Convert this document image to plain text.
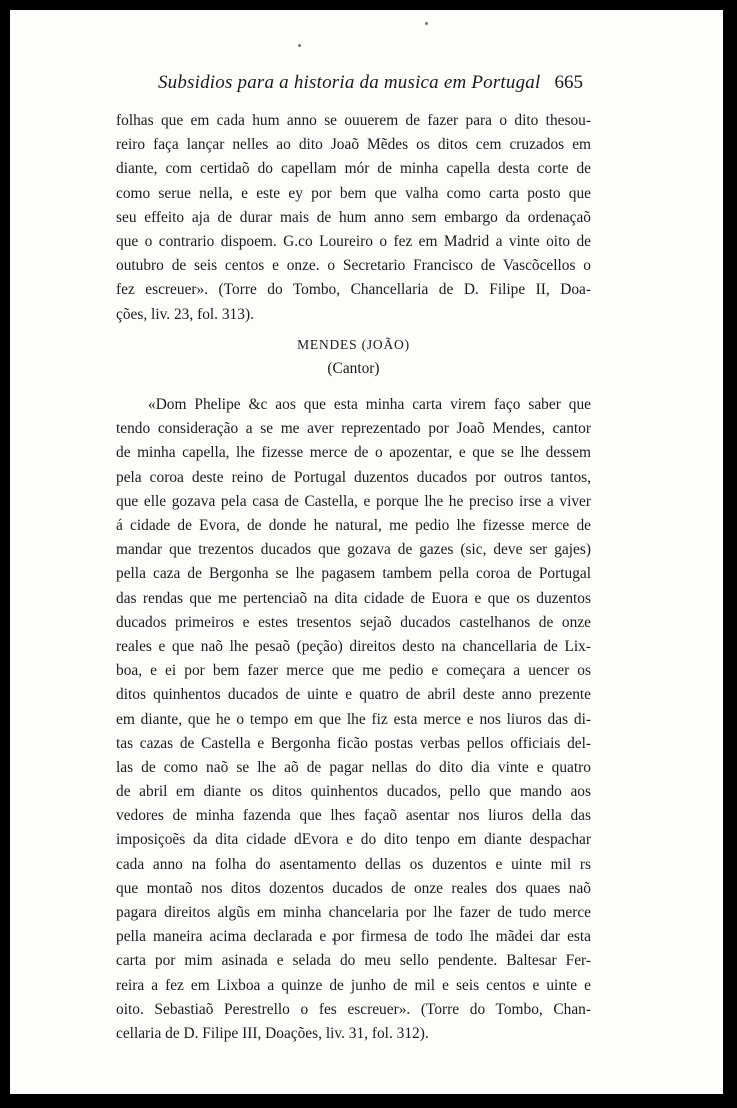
Subsidios para a historia da musica em Portugal 665
folhas que em cada hum anno se ouuerem de fazer para o dito thesou-
reiro faça lançar nelles ao dito Joaõ Mẽdes os ditos cem cruzados em
diante, com certidaõ do capellam mór de minha capella desta corte de
como serue nella, e este ey por bem que valha como carta posto que
seu effeito aja de durar mais de hum anno sem embargo da ordenaçaõ
que o contrario dispoem. G.co Loureiro o fez em Madrid a vinte oito de
outubro de seis centos e onze. o Secretario Francisco de Vascõcellos o
fez escreuer». (Torre do Tombo, Chancellaria de D. Filipe II, Doa-
ções, liv. 23, fol. 313).
MENDES (JOÃO)
(Cantor)
«Dom Phelipe &c aos que esta minha carta virem faço saber que
tendo consideração a se me aver reprezentado por Joaõ Mendes, cantor
de minha capella, lhe fizesse merce de o apozentar, e que se lhe dessem
pela coroa deste reino de Portugal duzentos ducados por outros tantos,
que elle gozava pela casa de Castella, e porque lhe he preciso irse a viver
á cidade de Evora, de donde he natural, me pedio lhe fizesse merce de
mandar que trezentos ducados que gozava de gazes (sic, deve ser gajes)
pella caza de Bergonha se lhe pagasem tambem pella coroa de Portugal
das rendas que me pertenciaõ na dita cidade de Euora e que os duzentos
ducados primeiros e estes tresentos sejaõ ducados castelhanos de onze
reales e que naõ lhe pesaõ (peção) direitos desto na chancellaria de Lix-
boa, e ei por bem fazer merce que me pedio e começara a uencer os
ditos quinhentos ducados de uinte e quatro de abril deste anno prezente
em diante, que he o tempo em que lhe fiz esta merce e nos liuros das di-
tas cazas de Castella e Bergonha ficão postas verbas pellos officiais del-
las de como naõ se lhe aõ de pagar nellas do dito dia vinte e quatro
de abril em diante os ditos quinhentos ducados, pello que mando aos
vedores de minha fazenda que lhes façaõ asentar nos liuros della das
imposiçoẽs da dita cidade dEvora e do dito tenpo em diante despachar
cada anno na folha do asentamento dellas os duzentos e uinte mil rs
que montaõ nos ditos dozentos ducados de onze reales dos quaes naõ
pagara direitos algũs em minha chancelaria por lhe fazer de tudo merce
pella maneira acima declarada e por firmesa de todo lhe mãdei dar esta
carta por mim asinada e selada do meu sello pendente. Baltesar Fer-
reira a fez em Lixboa a quinze de junho de mil e seis centos e uinte e
oito. Sebastiaõ Perestrello o fes escreuer». (Torre do Tombo, Chan-
cellaria de D. Filipe III, Doações, liv. 31, fol. 312).
